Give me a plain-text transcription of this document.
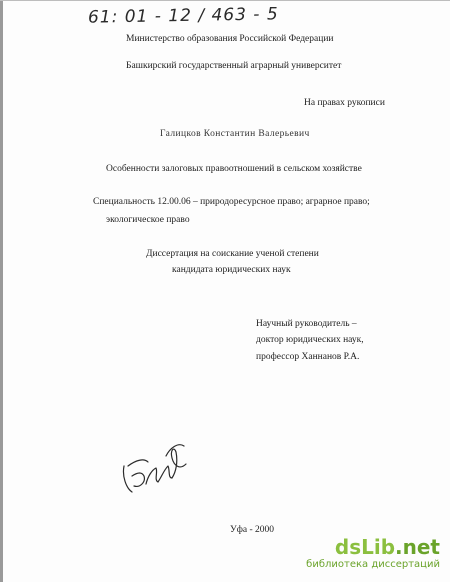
61: 01 - 12 / 463 - 5
Министерство образования Российской Федерации
Башкирский государственный аграрный университет
На правах рукописи
Галицков Константин Валерьевич
Особенности залоговых правоотношений в сельском хозяйстве
Специальность 12.00.06 – природоресурсное право; аграрное право;
экологическое право
Диссертация на соискание ученой степени
кандидата юридических наук
Научный руководитель –
доктор юридических наук,
профессор Ханнанов Р.А.
Уфа - 2000
dsLib.net
библиотека диссертаций
